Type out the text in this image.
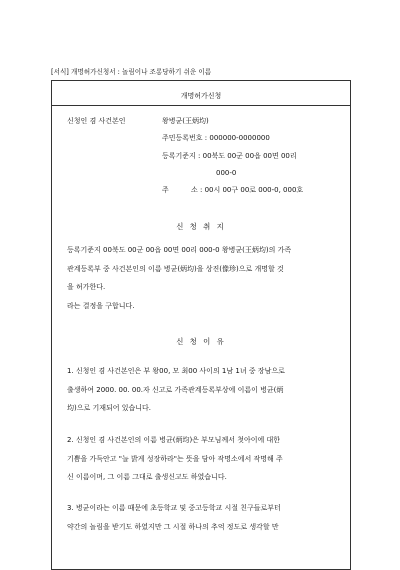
[서식] 개명허가신청서 : 놀림이나 조롱당하기 쉬운 이름
개명허가신청
신청인 겸 사건본인	왕병균(王炳均)
주민등록번호 : 000000-0000000
등록기준지 : 00북도 00군 00읍 00면 00리
000-0
주          소 : 00시 00구 00로 000-0, 000호
신 청 취 지
등록기준지 00북도 00군 00읍 00면 00리 000-0 왕병균(王炳均)의 가족
관계등록부 중 사건본인의 이름 병균(炳均)을 상진(像珍)으로 개명할 것
을 허가한다.
라는 결정을 구합니다.
신 청 이 유
1. 신청인 겸 사건본인은 부 왕00, 모 최00 사이의 1남 1녀 중 장남으로
출생하여 2000. 00. 00.자 신고로 가족관계등록부상에 이름이 병균(炳
均)으로 기재되어 있습니다.
2. 신청인 겸 사건본인의 이름 병균(炳均)은 부모님께서 첫아이에 대한
기쁨을 가득안고 "늘 밝게 성장하라"는 뜻을 담아 작명소에서 작명해 주
신 이름이며, 그 이름 그대로 출생신고도 하였습니다.
3. 병균이라는 이름 때문에 초등학교 및 중고등학교 시절 친구들로부터
약간의 놀림을 받기도 하였지만 그 시절 하나의 추억 정도로 생각할 만
